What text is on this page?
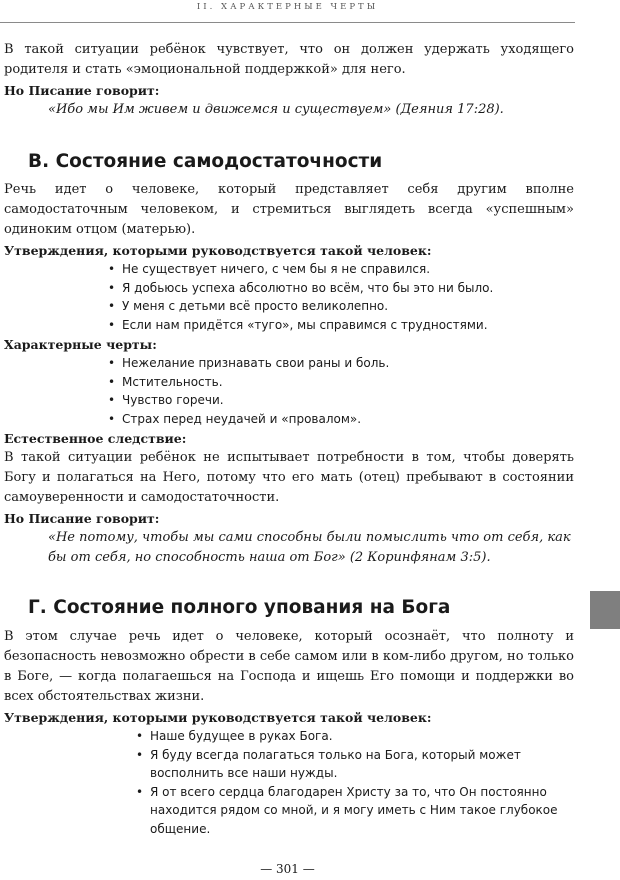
II. ХАРАКТЕРНЫЕ ЧЕРТЫ

В такой ситуации ребёнок чувствует, что он должен удержать уходящего родителя и стать «эмоциональной поддержкой» для него.

Но Писание говорит:

«Ибо мы Им живем и движемся и существуем» (Деяния 17:28).

В. Состояние самодостаточности

Речь идет о человеке, который представляет себя другим вполне самодостаточным человеком, и стремиться выглядеть всегда «успешным» одиноким отцом (матерью).

Утверждения, которыми руководствуется такой человек:

• Не существует ничего, с чем бы я не справился.
• Я добьюсь успеха абсолютно во всём, что бы это ни было.
• У меня с детьми всё просто великолепно.
• Если нам придётся «туго», мы справимся с трудностями.

Характерные черты:

• Нежелание признавать свои раны и боль.
• Мстительность.
• Чувство горечи.
• Страх перед неудачей и «провалом».

Естественное следствие:

В такой ситуации ребёнок не испытывает потребности в том, чтобы доверять Богу и полагаться на Него, потому что его мать (отец) пребывают в состоянии самоуверенности и самодостаточности.

Но Писание говорит:

«Не потому, чтобы мы сами способны были помыслить что от себя, как бы от себя, но способность наша от Бог» (2 Коринфянам 3:5).

Г. Состояние полного упования на Бога

В этом случае речь идет о человеке, который осознаёт, что полноту и безопасность невозможно обрести в себе самом или в ком-либо другом, но только в Боге, — когда полагаешься на Господа и ищешь Его помощи и поддержки во всех обстоятельствах жизни.

Утверждения, которыми руководствуется такой человек:

• Наше будущее в руках Бога.
• Я буду всегда полагаться только на Бога, который может восполнить все наши нужды.
• Я от всего сердца благодарен Христу за то, что Он постоянно находится рядом со мной, и я могу иметь с Ним такое глубокое общение.
— 301 —
